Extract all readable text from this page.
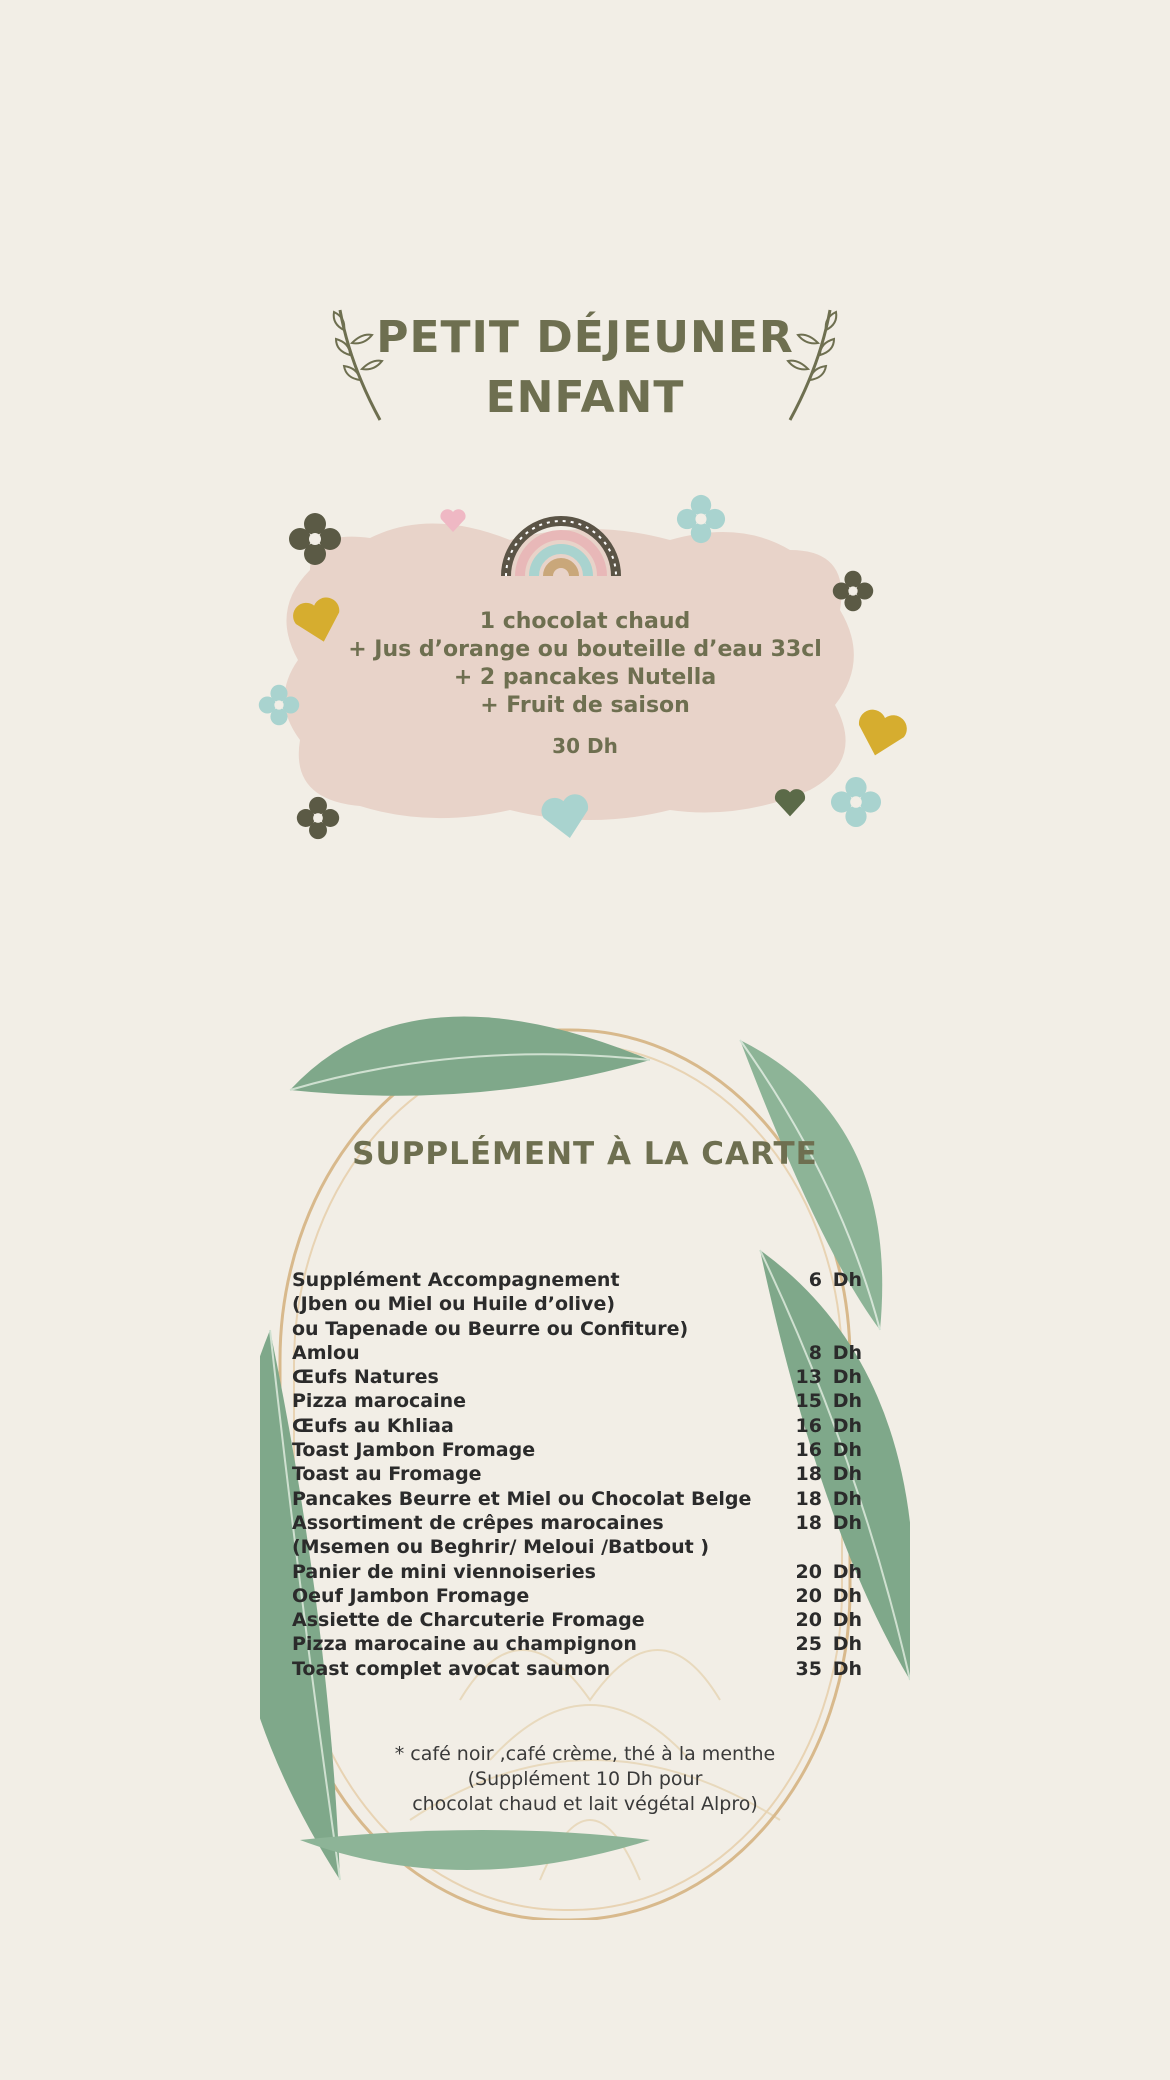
PETIT DÉJEUNER
ENFANT
1 chocolat chaud
+ Jus d’orange ou bouteille d’eau 33cl
+ 2 pancakes Nutella
+ Fruit de saison
30 Dh
SUPPLÉMENT À LA CARTE
Supplément Accompagnement	6 Dh
(Jben ou Miel ou Huile d’olive)
ou Tapenade ou Beurre ou Confiture)
Amlou	8 Dh
Œufs Natures	13 Dh
Pizza marocaine	15 Dh
Œufs au Khliaa	16 Dh
Toast Jambon Fromage	16 Dh
Toast au Fromage	18 Dh
Pancakes Beurre et Miel ou Chocolat Belge	18 Dh
Assortiment de crêpes marocaines	18 Dh
(Msemen ou Beghrir/ Meloui /Batbout )
Panier de mini viennoiseries	20 Dh
Oeuf Jambon Fromage	20 Dh
Assiette de Charcuterie Fromage	20 Dh
Pizza marocaine au champignon	25 Dh
Toast complet avocat saumon	35 Dh
* café noir ,café crème, thé à la menthe
(Supplément 10 Dh pour
chocolat chaud et lait végétal Alpro)
